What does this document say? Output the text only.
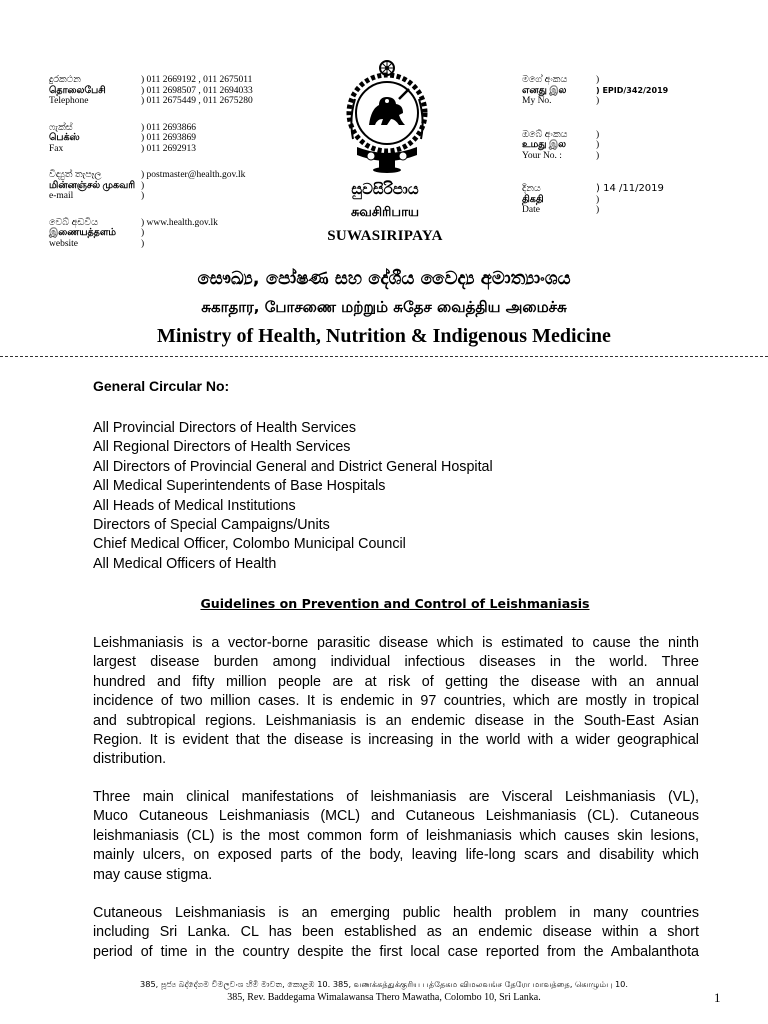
දුරකථන	) 011 2669192 , 011 2675011
தொலைபேசி	) 011 2698507 , 011 2694033
Telephone	) 011 2675449 , 011 2675280
ෆැක්ස්	) 011 2693866
பெக்ஸ்	) 011 2693869
Fax	) 011 2692913
විද්‍යුත් තැපෑල	) postmaster@health.gov.lk
மின்னஞ்சல் முகவரி )
e-mail	)
වෙබ් අඩවිය	) www.health.gov.lk
இணையத்தளம்	)
website	)
සුවසිරිපාය
சுவசிரிபாய
SUWASIRIPAYA
මගේ අංකය	)
எனது இல	) EPID/342/2019
My No.	)
ඔබේ අංකය	)
உமது இல	)
Your No. :	)
දිනය	) 14 /11/2019
திகதி	)
Date	)
සෞඛ්‍ය, පෝෂණ සහ දේශීය වෛද්‍ය අමාත්‍යාංශය
சுகாதார, போசணை மற்றும் சுதேச வைத்திய அமைச்சு
Ministry of Health, Nutrition & Indigenous Medicine
General Circular No:
All Provincial Directors of Health Services
All Regional Directors of Health Services
All Directors of Provincial General and District General Hospital
All Medical Superintendents of Base Hospitals
All Heads of Medical Institutions
Directors of Special Campaigns/Units
Chief Medical Officer, Colombo Municipal Council
All Medical Officers of Health
Guidelines on Prevention and Control of Leishmaniasis
Leishmaniasis is a vector-borne parasitic disease which is estimated to cause the ninth
largest disease burden among individual infectious diseases in the world. Three
hundred and fifty million people are at risk of getting the disease with an annual
incidence of two million cases. It is endemic in 97 countries, which are mostly in tropical
and subtropical regions. Leishmaniasis is an endemic disease in the South-East Asian
Region. It is evident that the disease is increasing in the world with a wider geographical
distribution.
Three main clinical manifestations of leishmaniasis are Visceral Leishmaniasis (VL),
Muco Cutaneous Leishmaniasis (MCL) and Cutaneous Leishmaniasis (CL). Cutaneous
leishmaniasis (CL) is the most common form of leishmaniasis which causes skin lesions,
mainly ulcers, on exposed parts of the body, leaving life-long scars and disability which
may cause stigma.
Cutaneous Leishmaniasis is an emerging public health problem in many countries
including Sri Lanka. CL has been established as an endemic disease within a short
period of time in the country despite the first local case reported from the Ambalanthota
385, පූජ්‍ය බද්දේගම විමලවංශ හිමි මාවත, කොළඹ 10. 385, வணக்கத்துக்குரிய பத்தேகம விமலவங்ச தேரோ மாவத்தை, கொழும்பு 10.
385, Rev. Baddegama Wimalawansa Thero Mawatha, Colombo 10, Sri Lanka.	1
